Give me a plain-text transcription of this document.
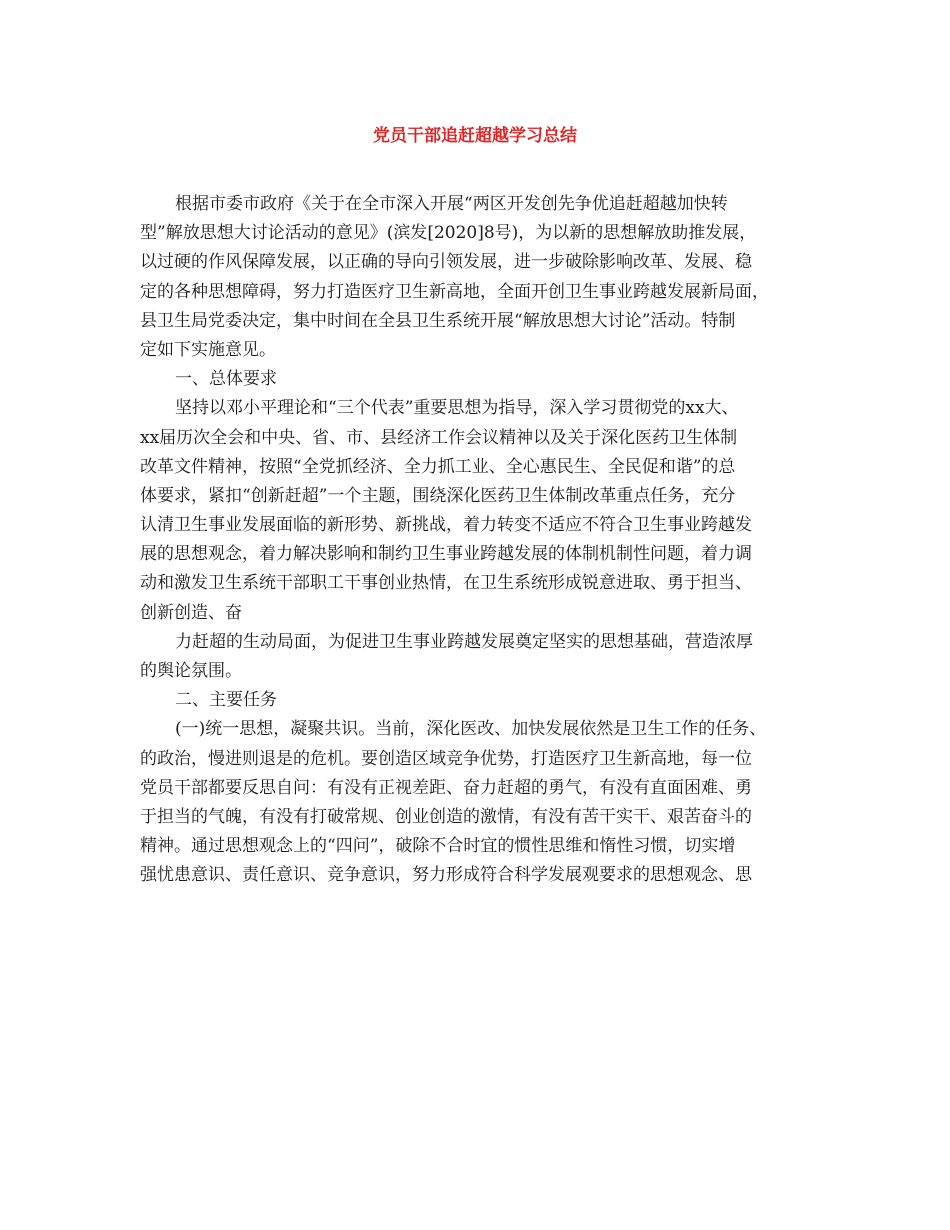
党员干部追赶超越学习总结
根据市委市政府《关于在全市深入开展“两区开发创先争优追赶超越加快转
型”解放思想大讨论活动的意见》(滨发[2020]8号)，为以新的思想解放助推发展，
以过硬的作风保障发展，以正确的导向引领发展，进一步破除影响改革、发展、稳
定的各种思想障碍，努力打造医疗卫生新高地，全面开创卫生事业跨越发展新局面，
县卫生局党委决定，集中时间在全县卫生系统开展“解放思想大讨论”活动。特制
定如下实施意见。
一、总体要求
坚持以邓小平理论和“三个代表”重要思想为指导，深入学习贯彻党的xx大、
xx届历次全会和中央、省、市、县经济工作会议精神以及关于深化医药卫生体制
改革文件精神，按照“全党抓经济、全力抓工业、全心惠民生、全民促和谐”的总
体要求，紧扣“创新赶超”一个主题，围绕深化医药卫生体制改革重点任务，充分
认清卫生事业发展面临的新形势、新挑战，着力转变不适应不符合卫生事业跨越发
展的思想观念，着力解决影响和制约卫生事业跨越发展的体制机制性问题，着力调
动和激发卫生系统干部职工干事创业热情，在卫生系统形成锐意进取、勇于担当、
创新创造、奋
力赶超的生动局面，为促进卫生事业跨越发展奠定坚实的思想基础，营造浓厚
的舆论氛围。
二、主要任务
(一)统一思想，凝聚共识。当前，深化医改、加快发展依然是卫生工作的任务、
的政治，慢进则退是的危机。要创造区域竞争优势，打造医疗卫生新高地，每一位
党员干部都要反思自问：有没有正视差距、奋力赶超的勇气，有没有直面困难、勇
于担当的气魄，有没有打破常规、创业创造的激情，有没有苦干实干、艰苦奋斗的
精神。通过思想观念上的“四问”，破除不合时宜的惯性思维和惰性习惯，切实增
强忧患意识、责任意识、竞争意识，努力形成符合科学发展观要求的思想观念、思
